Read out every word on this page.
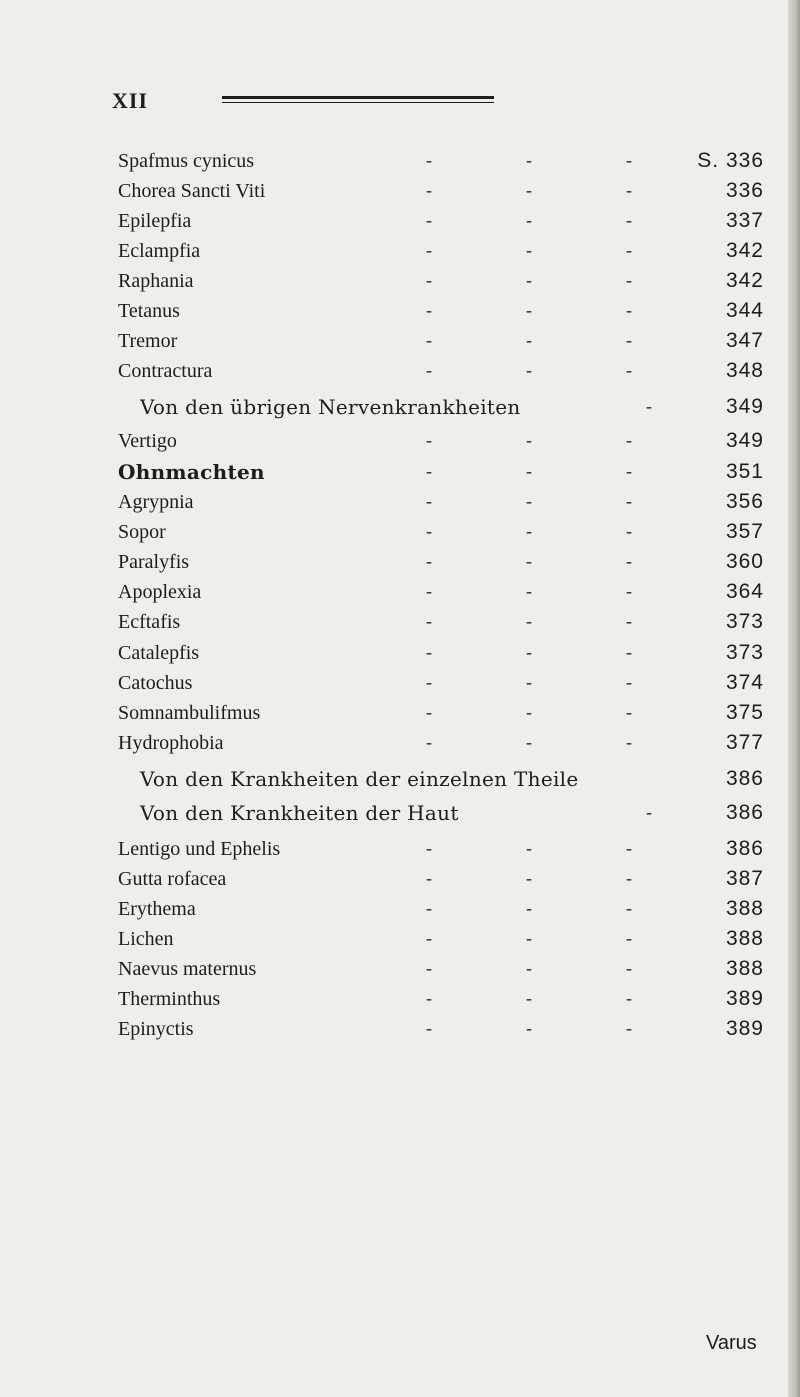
XII
Spafmus cynicus	-	-	-	S. 336
Chorea Sancti Viti	-	-	-	336
Epilepfia	-	-	-	337
Eclampfia	-	-	-	342
Raphania	-	-	-	342
Tetanus	-	-	-	344
Tremor	-	-	-	347
Contractura	-	-	-	348
Von den übrigen Nervenkrankheiten	-	349
Vertigo	-	-	-	349
Ohnmachten	-	-	-	351
Agrypnia	-	-	-	356
Sopor	-	-	-	357
Paralyfis	-	-	-	360
Apoplexia	-	-	-	364
Ecftafis	-	-	-	373
Catalepfis	-	-	-	373
Catochus	-	-	-	374
Somnambulifmus	-	-	-	375
Hydrophobia	-	-	-	377
Von den Krankheiten der einzelnen Theile	386
Von den Krankheiten der Haut	-	386
Lentigo und Ephelis	-	-	-	386
Gutta rofacea	-	-	-	387
Erythema	-	-	-	388
Lichen	-	-	-	388
Naevus maternus	-	-	-	388
Therminthus	-	-	-	389
Epinyctis	-	-	-	389
Varus
